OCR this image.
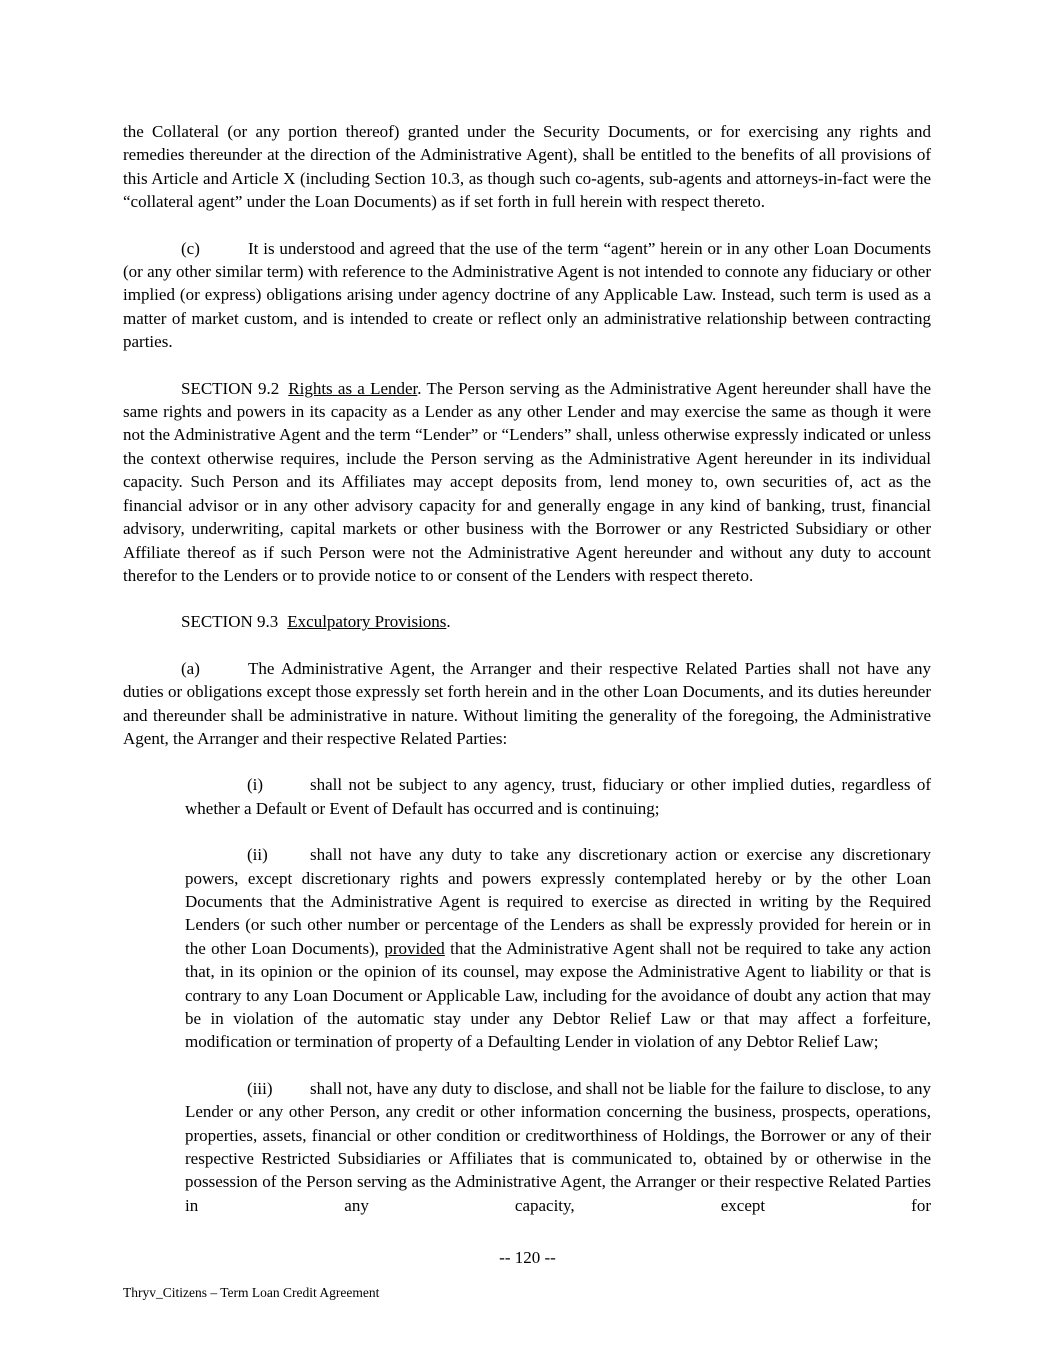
the Collateral (or any portion thereof) granted under the Security Documents, or for exercising any rights and remedies thereunder at the direction of the Administrative Agent), shall be entitled to the benefits of all provisions of this Article and Article X (including Section 10.3, as though such co-agents, sub-agents and attorneys-in-fact were the “collateral agent” under the Loan Documents) as if set forth in full herein with respect thereto.

(c)	It is understood and agreed that the use of the term “agent” herein or in any other Loan Documents (or any other similar term) with reference to the Administrative Agent is not intended to connote any fiduciary or other implied (or express) obligations arising under agency doctrine of any Applicable Law. Instead, such term is used as a matter of market custom, and is intended to create or reflect only an administrative relationship between contracting parties.

SECTION 9.2 Rights as a Lender. The Person serving as the Administrative Agent hereunder shall have the same rights and powers in its capacity as a Lender as any other Lender and may exercise the same as though it were not the Administrative Agent and the term “Lender” or “Lenders” shall, unless otherwise expressly indicated or unless the context otherwise requires, include the Person serving as the Administrative Agent hereunder in its individual capacity. Such Person and its Affiliates may accept deposits from, lend money to, own securities of, act as the financial advisor or in any other advisory capacity for and generally engage in any kind of banking, trust, financial advisory, underwriting, capital markets or other business with the Borrower or any Restricted Subsidiary or other Affiliate thereof as if such Person were not the Administrative Agent hereunder and without any duty to account therefor to the Lenders or to provide notice to or consent of the Lenders with respect thereto.

SECTION 9.3 Exculpatory Provisions.

(a)	The Administrative Agent, the Arranger and their respective Related Parties shall not have any duties or obligations except those expressly set forth herein and in the other Loan Documents, and its duties hereunder and thereunder shall be administrative in nature. Without limiting the generality of the foregoing, the Administrative Agent, the Arranger and their respective Related Parties:

(i)	shall not be subject to any agency, trust, fiduciary or other implied duties, regardless of whether a Default or Event of Default has occurred and is continuing;

(ii) shall not have any duty to take any discretionary action or exercise any discretionary powers, except discretionary rights and powers expressly contemplated hereby or by the other Loan Documents that the Administrative Agent is required to exercise as directed in writing by the Required Lenders (or such other number or percentage of the Lenders as shall be expressly provided for herein or in the other Loan Documents), provided that the Administrative Agent shall not be required to take any action that, in its opinion or the opinion of its counsel, may expose the Administrative Agent to liability or that is contrary to any Loan Document or Applicable Law, including for the avoidance of doubt any action that may be in violation of the automatic stay under any Debtor Relief Law or that may affect a forfeiture, modification or termination of property of a Defaulting Lender in violation of any Debtor Relief Law;

(iii) shall not, have any duty to disclose, and shall not be liable for the failure to disclose, to any Lender or any other Person, any credit or other information concerning the business, prospects, operations, properties, assets, financial or other condition or creditworthiness of Holdings, the Borrower or any of their respective Restricted Subsidiaries or Affiliates that is communicated to, obtained by or otherwise in the possession of the Person serving as the Administrative Agent, the Arranger or their respective Related Parties in any capacity, except for

-- 120 --
Thryv_Citizens – Term Loan Credit Agreement
